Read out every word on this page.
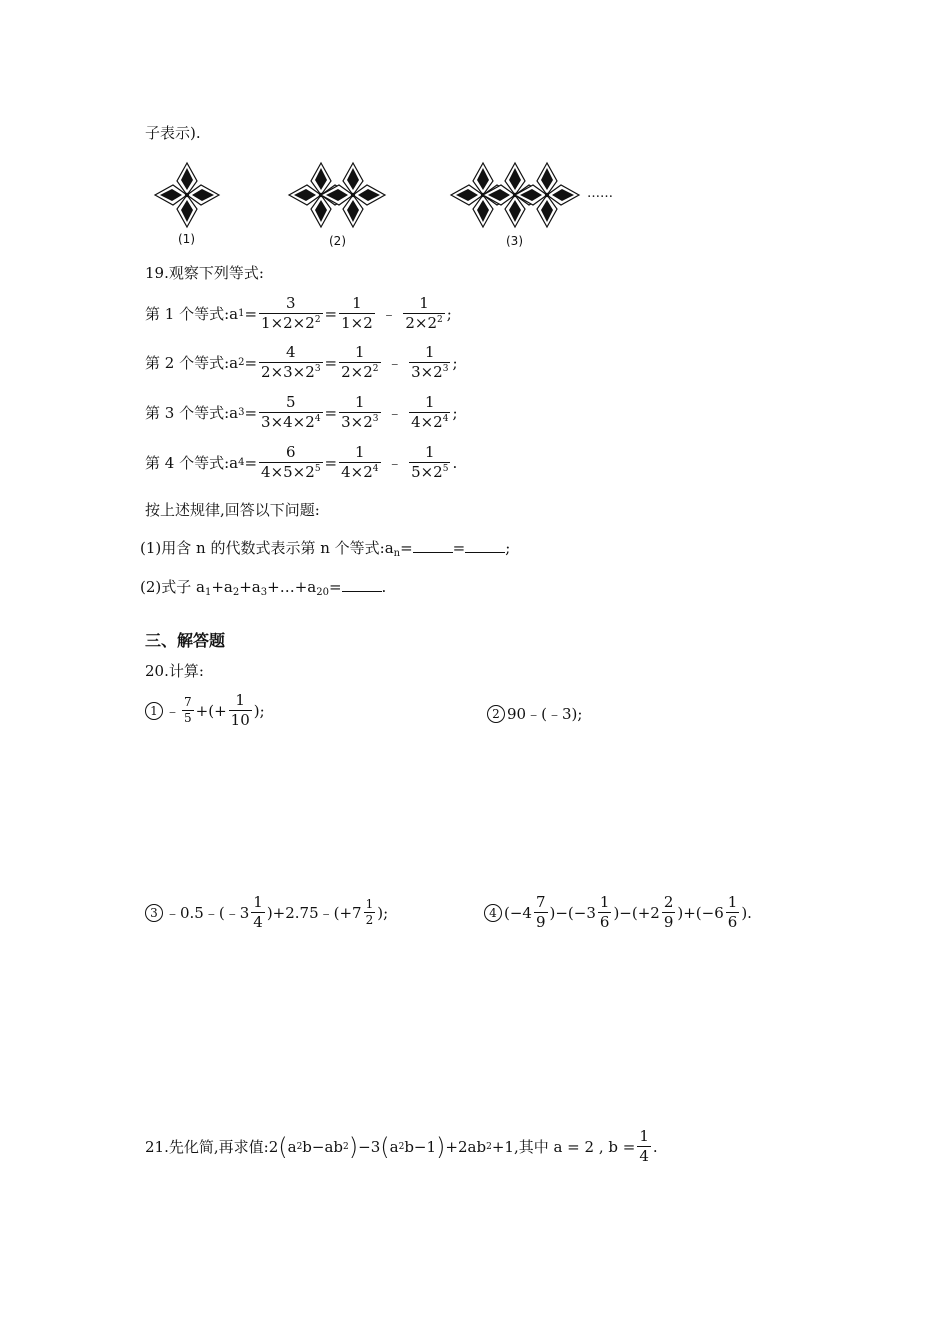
子表示).
(1)	(2)	(3)
……
19.观察下列等式:
第 1 个等式:a $1 = \frac{3}{1\times 2\times 2^2} = \frac{1}{1\times 2}$ ﹣ $\frac{1}{2\times 2^2}$ ;
第 2 个等式:a $2 = \frac{4}{2\times 3\times 2^3} = \frac{1}{2\times 2^2}$ ﹣ $\frac{1}{3\times 2^3}$ ;
第 3 个等式:a $3 = \frac{5}{3\times 4\times 2^4} = \frac{1}{3\times 2^3}$ ﹣ $\frac{1}{4\times 2^4}$ ;
第 4 个等式:a $4 = \frac{6}{4\times 5\times 2^5} = \frac{1}{4\times 2^4}$ ﹣ $\frac{1}{5\times 2^5}$ .
按上述规律,回答以下问题:
(1)用含 n 的代数式表示第 n 个等式$:a_n=$	=	;
(2)式子 $a_1+a_2+a_3+\dots+a_{20}=$	.
三、解答题
20.计算:
1 ﹣ $\frac{7}{5}$ +(+ $\frac{1}{10}$ );	2 90﹣(﹣3);
3 ﹣0.5﹣(﹣3 $\frac{1}{4}$ )+2.75﹣(+7 $\frac{1}{2}$ );	4 $(-4 \frac{7}{9} )-(-3 \frac{1}{6} )-(+2 \frac{2}{9} )+(-6 \frac{1}{6}$ ).
21.先化简,再求值: 2 ( a 2 b−ab 2 ) −3 ( a 2 b−1 ) +2ab 2 +1 ,其中 a = 2 , $b = \frac{1}{4}$ .
